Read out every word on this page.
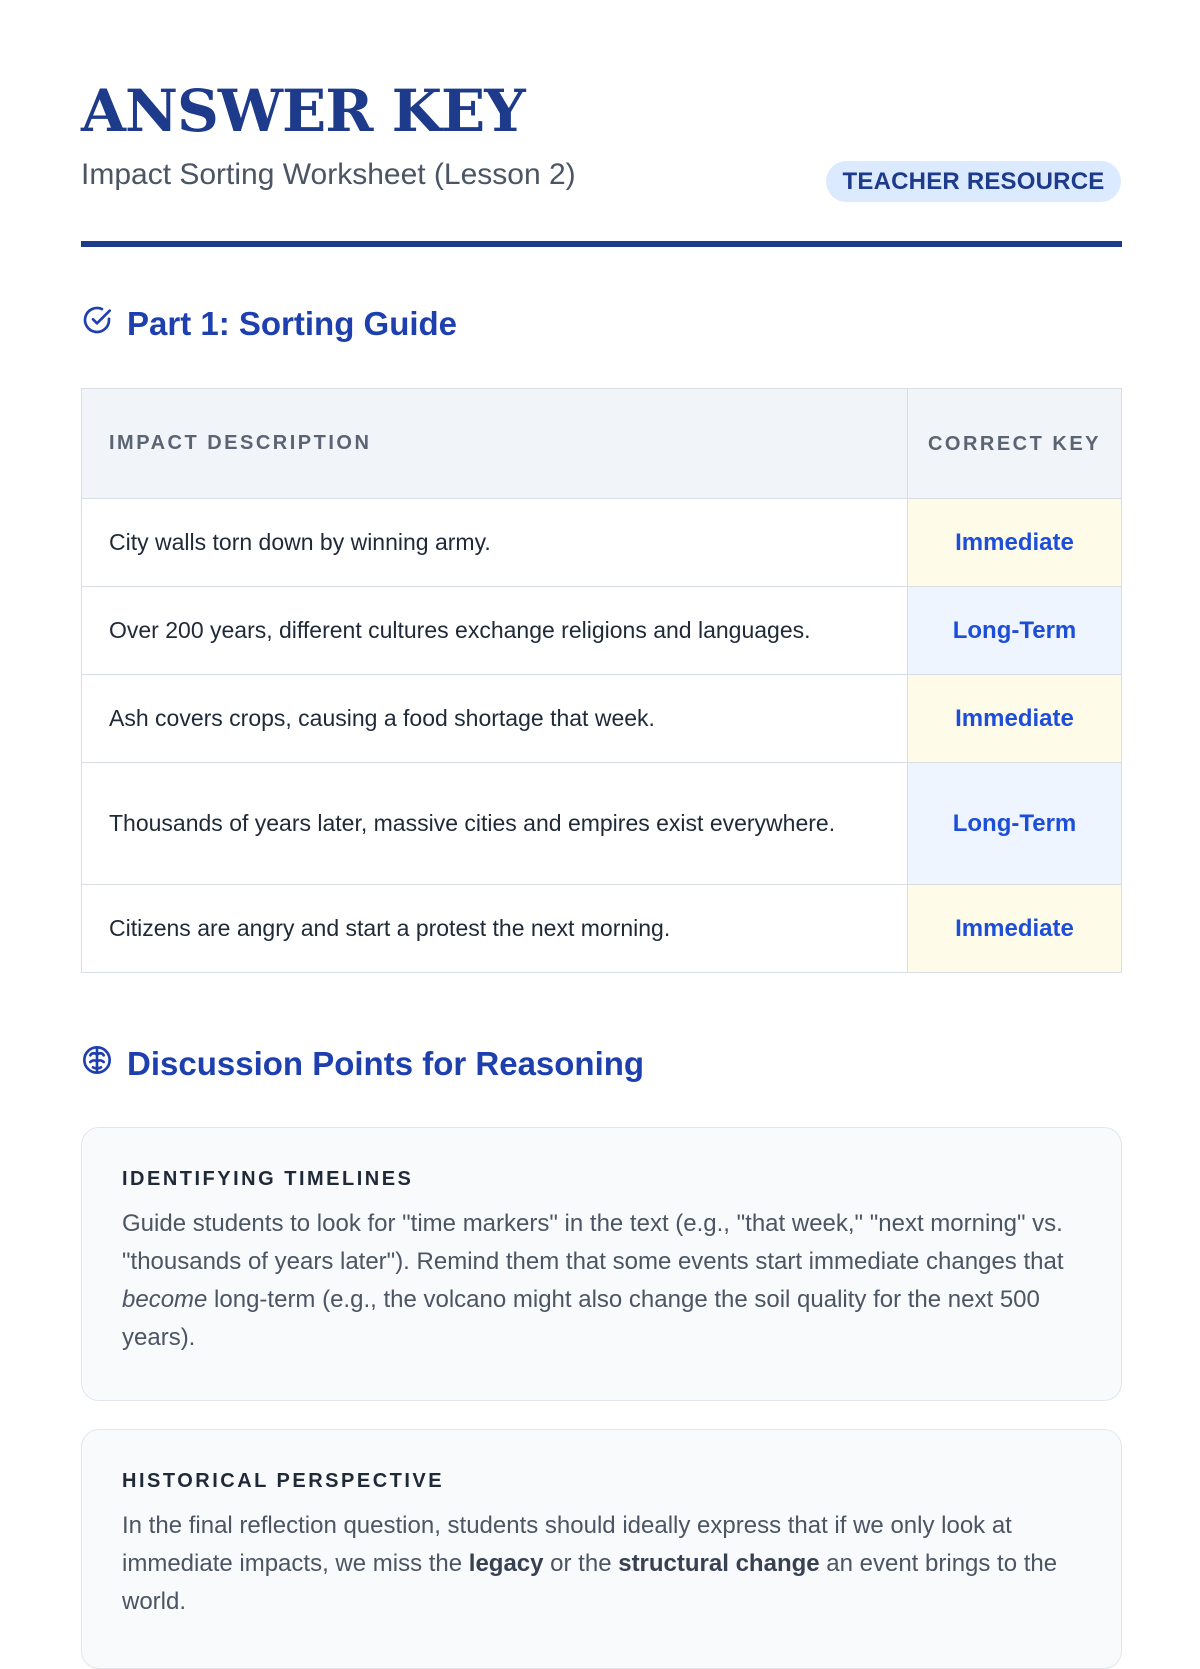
ANSWER KEY
Impact Sorting Worksheet (Lesson 2)	TEACHER RESOURCE
Part 1: Sorting Guide
IMPACT DESCRIPTION	CORRECT KEY
City walls torn down by winning army.	Immediate
Over 200 years, different cultures exchange religions and languages.	Long-Term
Ash covers crops, causing a food shortage that week.	Immediate
Thousands of years later, massive cities and empires exist everywhere.	Long-Term
Citizens are angry and start a protest the next morning.	Immediate
Discussion Points for Reasoning
IDENTIFYING TIMELINES

Guide students to look for "time markers" in the text (e.g., "that week," "next morning" vs. "thousands of years later"). Remind them that some events start immediate changes that become long-term (e.g., the volcano might also change the soil quality for the next 500 years).

HISTORICAL PERSPECTIVE

In the final reflection question, students should ideally express that if we only look at immediate impacts, we miss the legacy or the structural change an event brings to the world.
